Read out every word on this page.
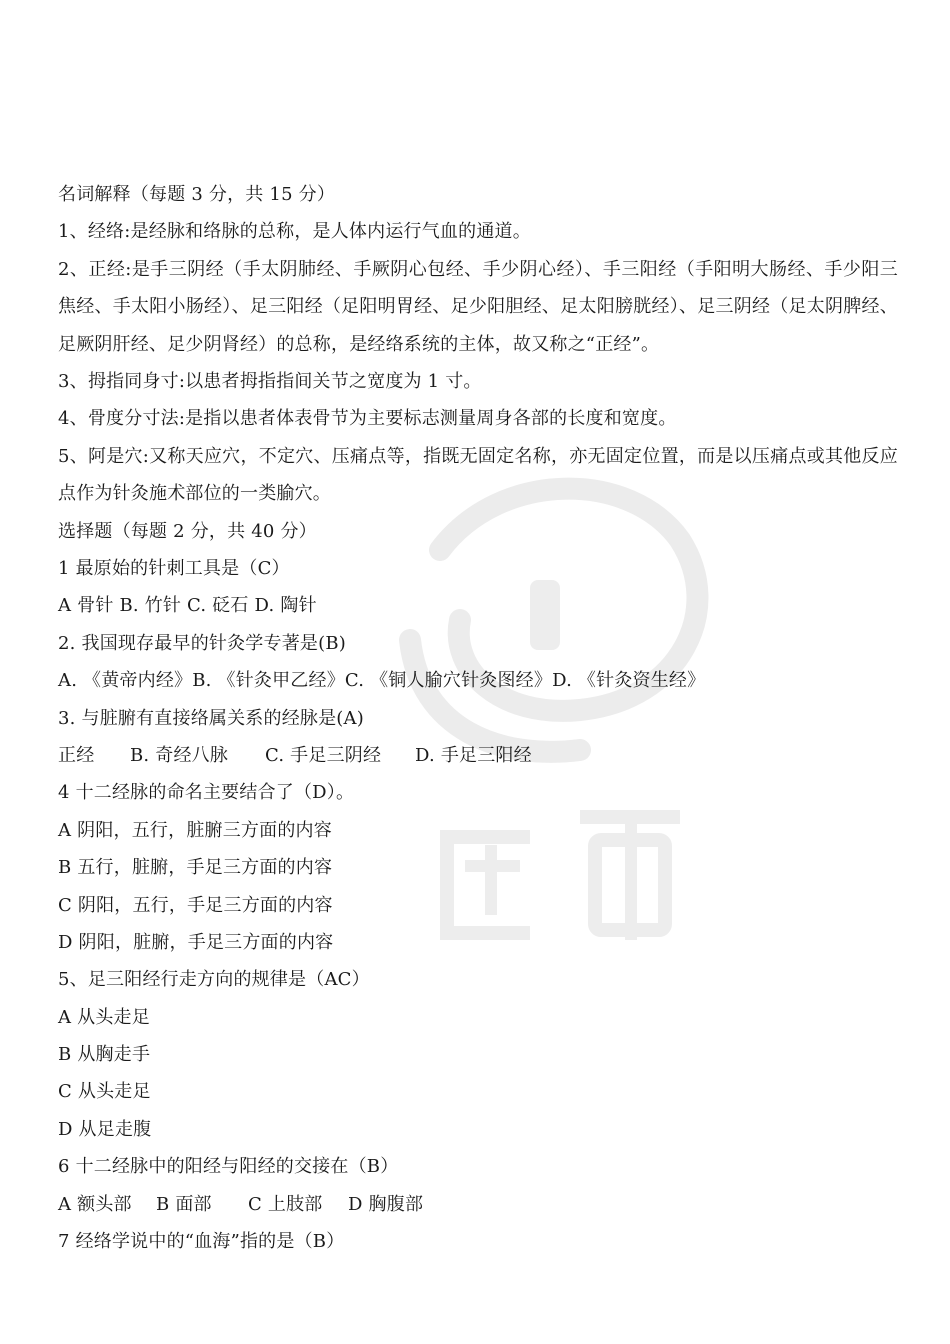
名词解释（每题 3 分，共 15 分）
1、经络:是经脉和络脉的总称，是人体内运行气血的通道。
2、正经:是手三阴经（手太阴肺经、手厥阴心包经、手少阴心经）、手三阳经（手阳明大肠经、手少阳三焦经、手太阳小肠经）、足三阳经（足阳明胃经、足少阳胆经、足太阳膀胱经）、足三阴经（足太阴脾经、足厥阴肝经、足少阴肾经）的总称，是经络系统的主体，故又称之“正经”。
3、拇指同身寸:以患者拇指指间关节之宽度为 1 寸。
4、骨度分寸法:是指以患者体表骨节为主要标志测量周身各部的长度和宽度。
5、阿是穴:又称天应穴，不定穴、压痛点等，指既无固定名称，亦无固定位置，而是以压痛点或其他反应点作为针灸施术部位的一类腧穴。
选择题（每题 2 分，共 40 分）
1 最原始的针刺工具是（C）
A 骨针 B. 竹针 C. 砭石 D. 陶针
2. 我国现存最早的针灸学专著是(B)
A. 《黄帝内经》B. 《针灸甲乙经》C. 《铜人腧穴针灸图经》D. 《针灸资生经》
3. 与脏腑有直接络属关系的经脉是(A)
正经 B. 奇经八脉 C. 手足三阴经 D. 手足三阳经
4 十二经脉的命名主要结合了（D）。
A 阴阳，五行，脏腑三方面的内容
B 五行，脏腑，手足三方面的内容
C 阴阳，五行，手足三方面的内容
D 阴阳，脏腑，手足三方面的内容
5、足三阳经行走方向的规律是（AC）
A 从头走足
B 从胸走手
C 从头走足
D 从足走腹
6 十二经脉中的阳经与阳经的交接在（B）
A 额头部 B 面部 C 上肢部 D 胸腹部
7 经络学说中的“血海”指的是（B）
